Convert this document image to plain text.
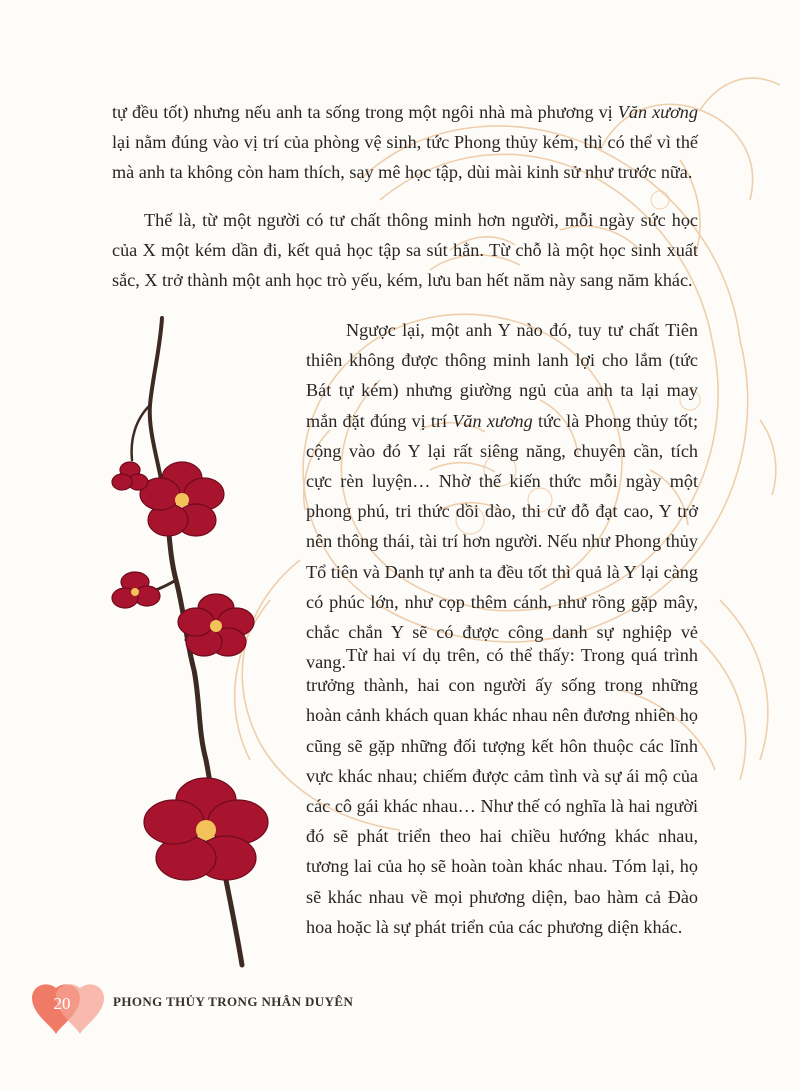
tự đều tốt) nhưng nếu anh ta sống trong một ngôi nhà mà phương vị Văn xương lại nằm đúng vào vị trí của phòng vệ sinh, tức Phong thủy kém, thì có thể vì thế mà anh ta không còn ham thích, say mê học tập, dùi mài kinh sử như trước nữa.

Thế là, từ một người có tư chất thông minh hơn người, mỗi ngày sức học của X một kém dần đi, kết quả học tập sa sút hẳn. Từ chỗ là một học sinh xuất sắc, X trở thành một anh học trò yếu, kém, lưu ban hết năm này sang năm khác.

Ngược lại, một anh Y nào đó, tuy tư chất Tiên thiên không được thông minh lanh lợi cho lắm (tức Bát tự kém) nhưng giường ngủ của anh ta lại may mắn đặt đúng vị trí Văn xương tức là Phong thủy tốt; cộng vào đó Y lại rất siêng năng, chuyên cần, tích cực rèn luyện… Nhờ thế kiến thức mỗi ngày một phong phú, tri thức dồi dào, thi cử đỗ đạt cao, Y trở nên thông thái, tài trí hơn người. Nếu như Phong thủy Tổ tiên và Danh tự anh ta đều tốt thì quả là Y lại càng có phúc lớn, như cọp thêm cánh, như rồng gặp mây, chắc chắn Y sẽ có được công danh sự nghiệp vẻ vang. Từ hai ví dụ trên, có thể thấy: Trong quá trình trưởng thành, hai con người ấy sống trong những hoàn cảnh khách quan khác nhau nên đương nhiên họ cũng sẽ gặp những đối tượng kết hôn thuộc các lĩnh vực khác nhau; chiếm được cảm tình và sự ái mộ của các cô gái khác nhau… Như thế có nghĩa là hai người đó sẽ phát triển theo hai chiều hướng khác nhau, tương lai của họ sẽ hoàn toàn khác nhau. Tóm lại, họ sẽ khác nhau về mọi phương diện, bao hàm cả Đào hoa hoặc là sự phát triển của các phương diện khác.

20	PHONG THỦY TRONG NHÂN DUYÊN
